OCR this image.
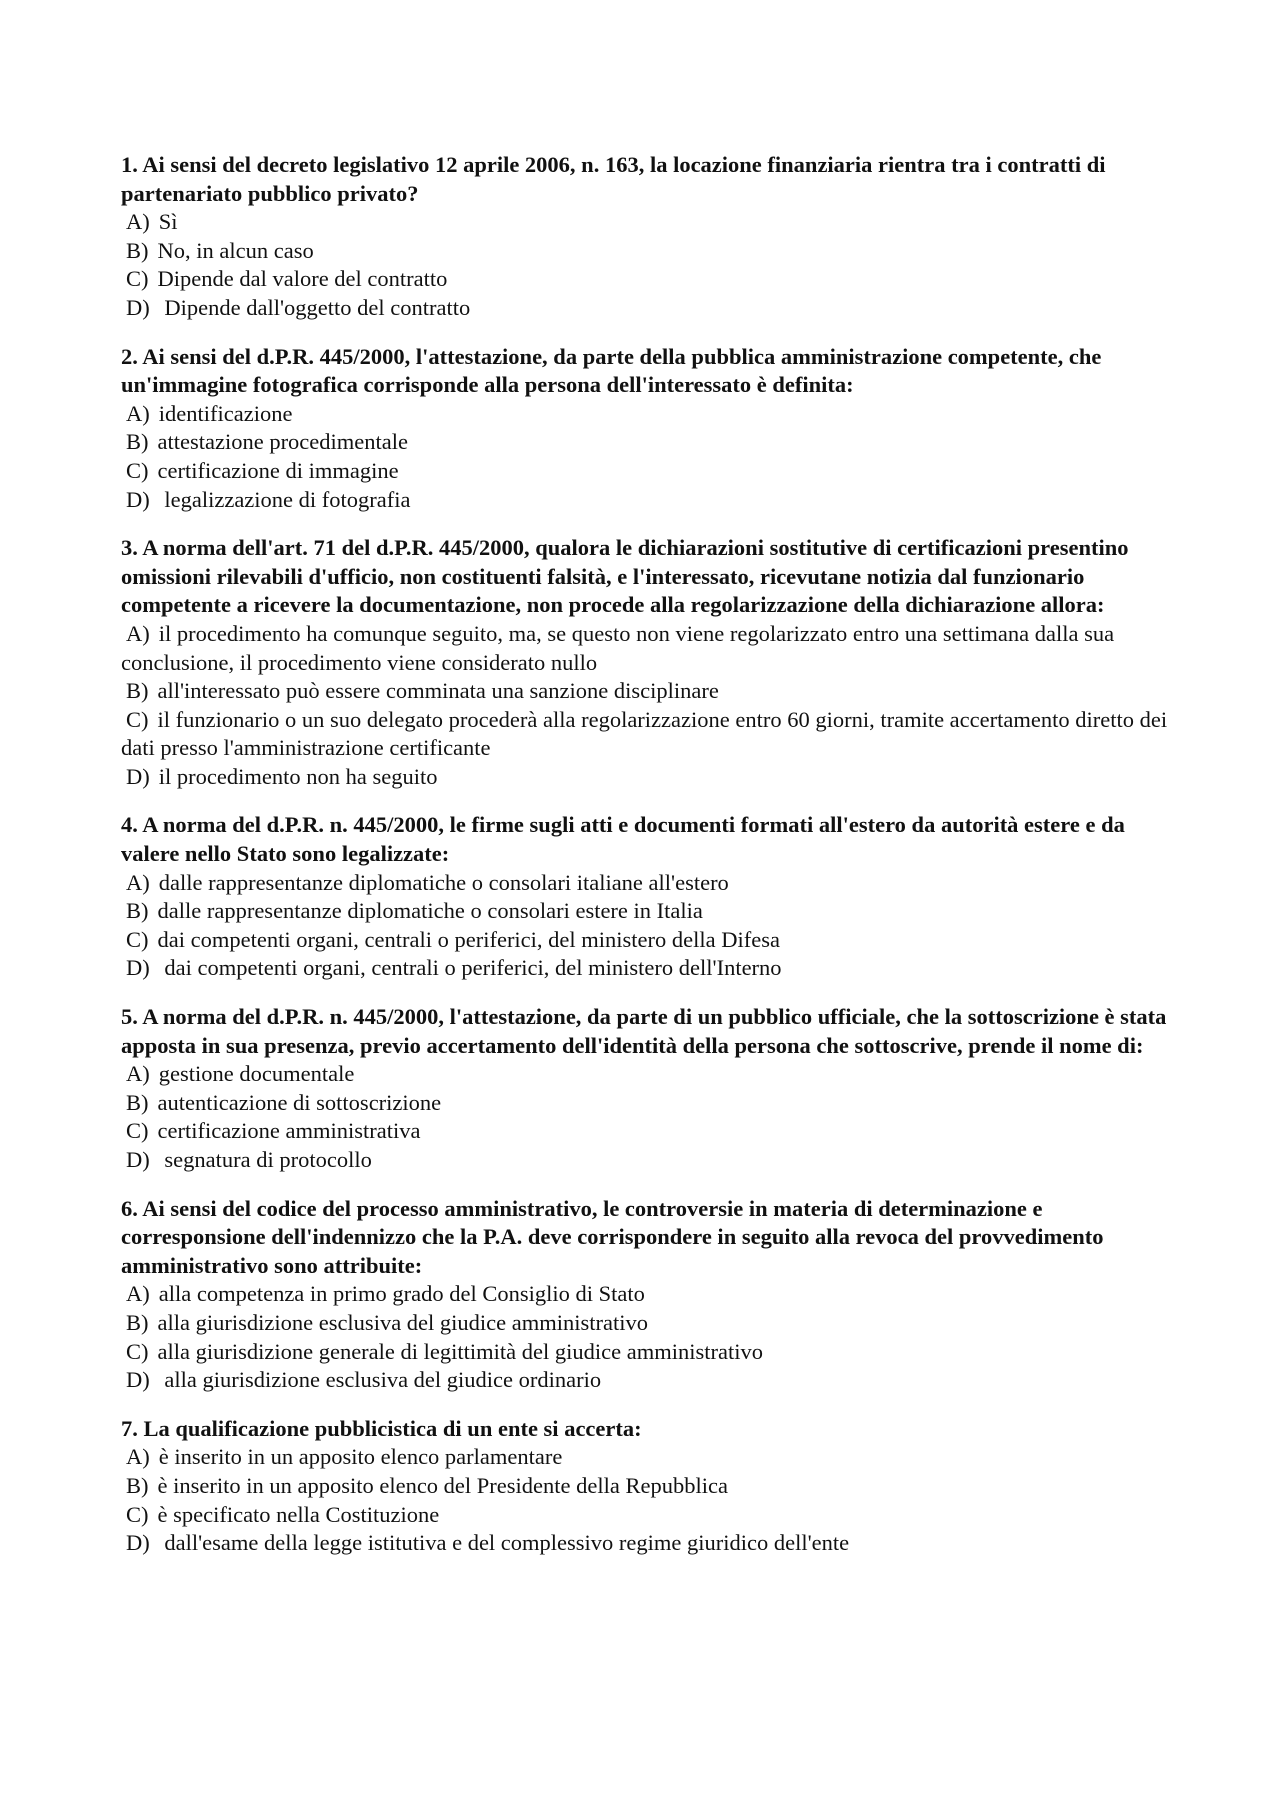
1. Ai sensi del decreto legislativo 12 aprile 2006, n. 163, la locazione finanziaria rientra tra i contratti di partenariato pubblico privato?

A) Sì
B) No, in alcun caso
C) Dipende dal valore del contratto
D) Dipende dall'oggetto del contratto

2. Ai sensi del d.P.R. 445/2000, l'attestazione, da parte della pubblica amministrazione competente, che un'immagine fotografica corrisponde alla persona dell'interessato è definita:

A) identificazione
B) attestazione procedimentale
C) certificazione di immagine
D) legalizzazione di fotografia

3. A norma dell'art. 71 del d.P.R. 445/2000, qualora le dichiarazioni sostitutive di certificazioni presentino omissioni rilevabili d'ufficio, non costituenti falsità, e l'interessato, ricevutane notizia dal funzionario competente a ricevere la documentazione, non procede alla regolarizzazione della dichiarazione allora:

A) il procedimento ha comunque seguito, ma, se questo non viene regolarizzato entro una settimana dalla sua conclusione, il procedimento viene considerato nullo
B) all'interessato può essere comminata una sanzione disciplinare
C) il funzionario o un suo delegato procederà alla regolarizzazione entro 60 giorni, tramite accertamento diretto dei dati presso l'amministrazione certificante
D) il procedimento non ha seguito

4. A norma del d.P.R. n. 445/2000, le firme sugli atti e documenti formati all'estero da autorità estere e da valere nello Stato sono legalizzate:

A) dalle rappresentanze diplomatiche o consolari italiane all'estero
B) dalle rappresentanze diplomatiche o consolari estere in Italia
C) dai competenti organi, centrali o periferici, del ministero della Difesa
D) dai competenti organi, centrali o periferici, del ministero dell'Interno

5. A norma del d.P.R. n. 445/2000, l'attestazione, da parte di un pubblico ufficiale, che la sottoscrizione è stata apposta in sua presenza, previo accertamento dell'identità della persona che sottoscrive, prende il nome di:

A) gestione documentale
B) autenticazione di sottoscrizione
C) certificazione amministrativa
D) segnatura di protocollo

6. Ai sensi del codice del processo amministrativo, le controversie in materia di determinazione e corresponsione dell'indennizzo che la P.A. deve corrispondere in seguito alla revoca del provvedimento amministrativo sono attribuite:

A) alla competenza in primo grado del Consiglio di Stato
B) alla giurisdizione esclusiva del giudice amministrativo
C) alla giurisdizione generale di legittimità del giudice amministrativo
D) alla giurisdizione esclusiva del giudice ordinario

7. La qualificazione pubblicistica di un ente si accerta:

A) è inserito in un apposito elenco parlamentare
B) è inserito in un apposito elenco del Presidente della Repubblica
C) è specificato nella Costituzione
D) dall'esame della legge istitutiva e del complessivo regime giuridico dell'ente
